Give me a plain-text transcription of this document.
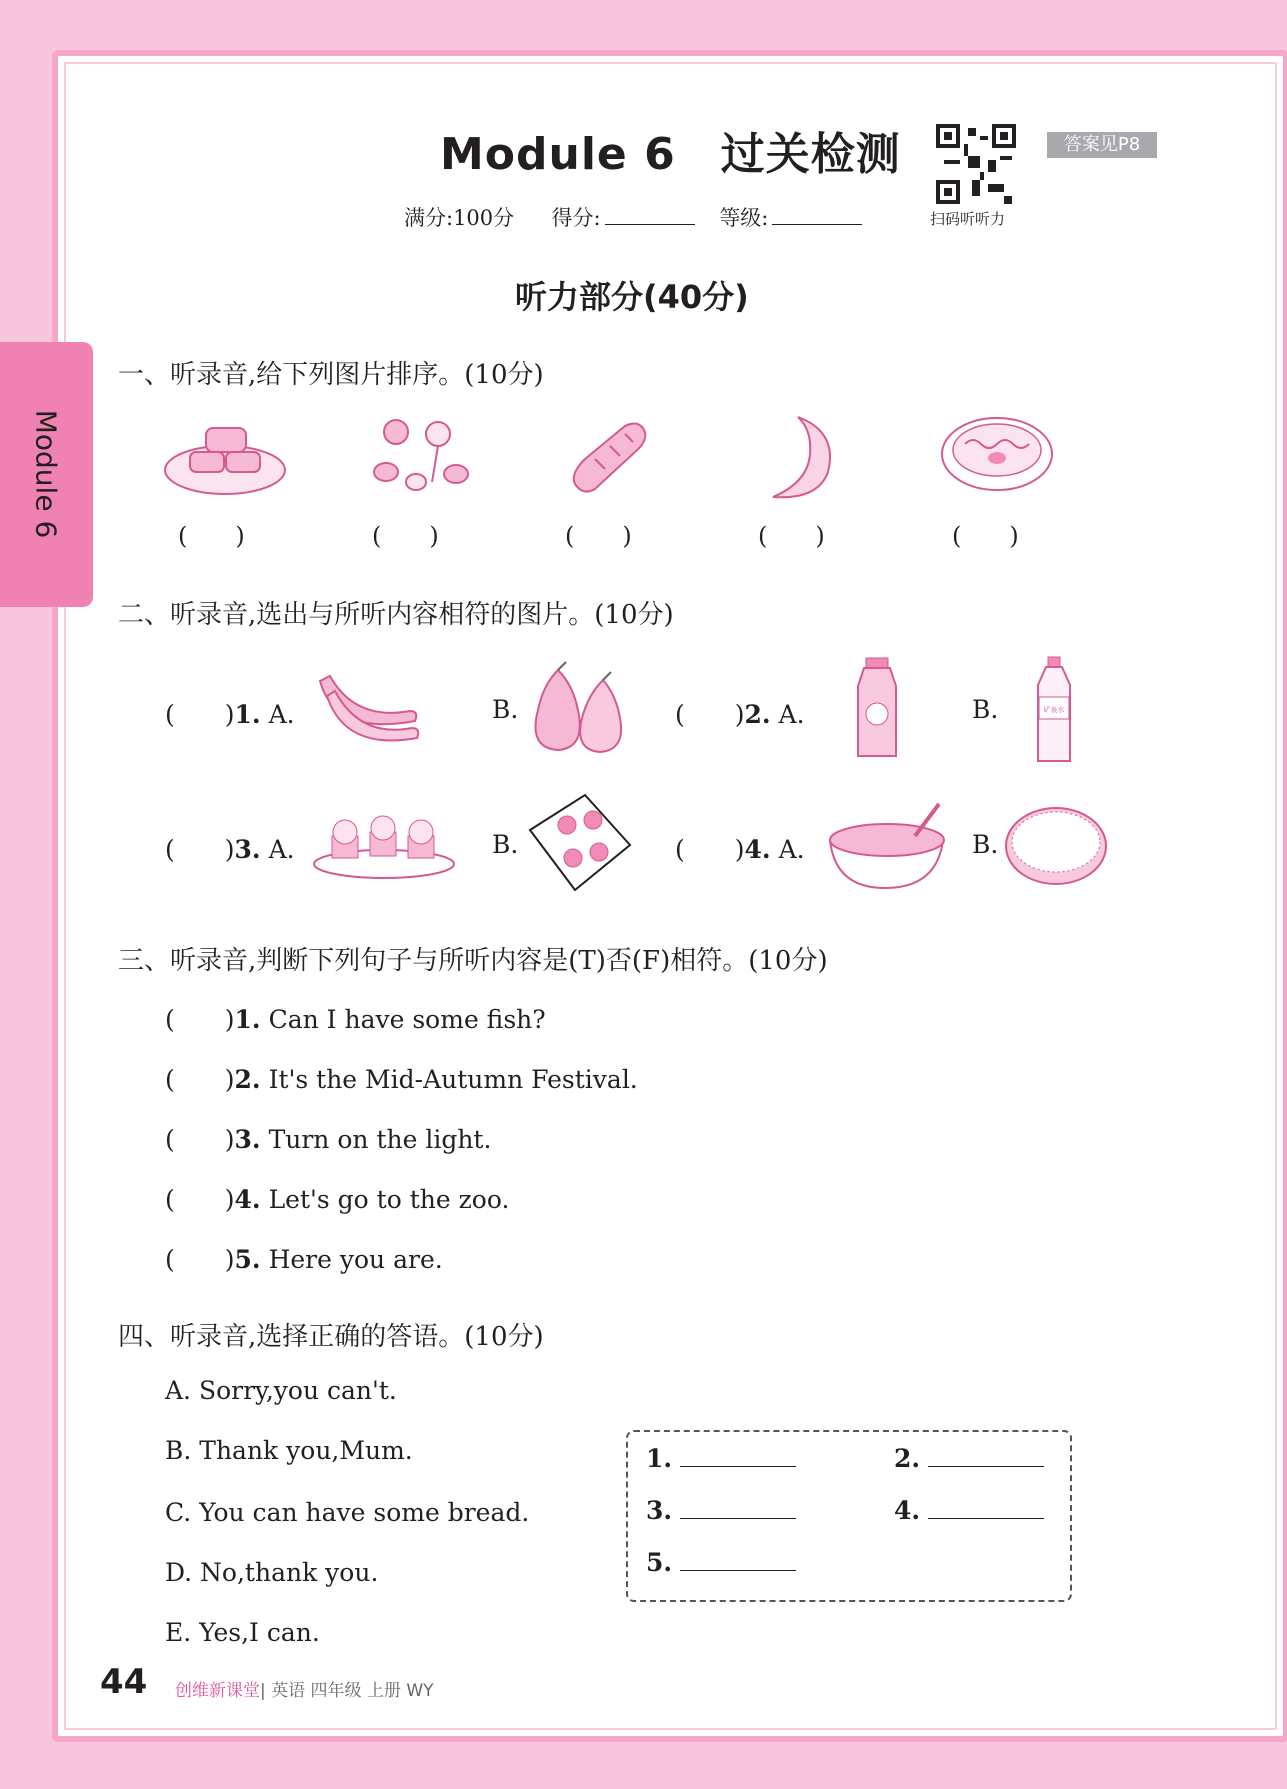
Module 6
Module 6　过关检测
满分:100分 得分:	等级:	扫码听听力
答案见P8
听力部分(40分)
一、听录音,给下列图片排序。(10分)
(　　)	(　　)	(　　)	(　　)	(　　)
二、听录音,选出与所听内容相符的图片。(10分)
(　　)1. A.	B.	(　　)2. A.	B.	矿泉水
(　　)3. A.	B.	(　　)4. A.	B.
三、听录音,判断下列句子与所听内容是(T)否(F)相符。(10分)
(　　)1. Can I have some fish?
(　　)2. It's the Mid-Autumn Festival.
(　　)3. Turn on the light.
(　　)4. Let's go to the zoo.
(　　)5. Here you are.
四、听录音,选择正确的答语。(10分)
A. Sorry,you can't.
B. Thank you,Mum.
C. You can have some bread.
D. No,thank you.
E. Yes,I can.
1.	2.
3.	4.
5.
44 创维新课堂| 英语 四年级 上册 WY
